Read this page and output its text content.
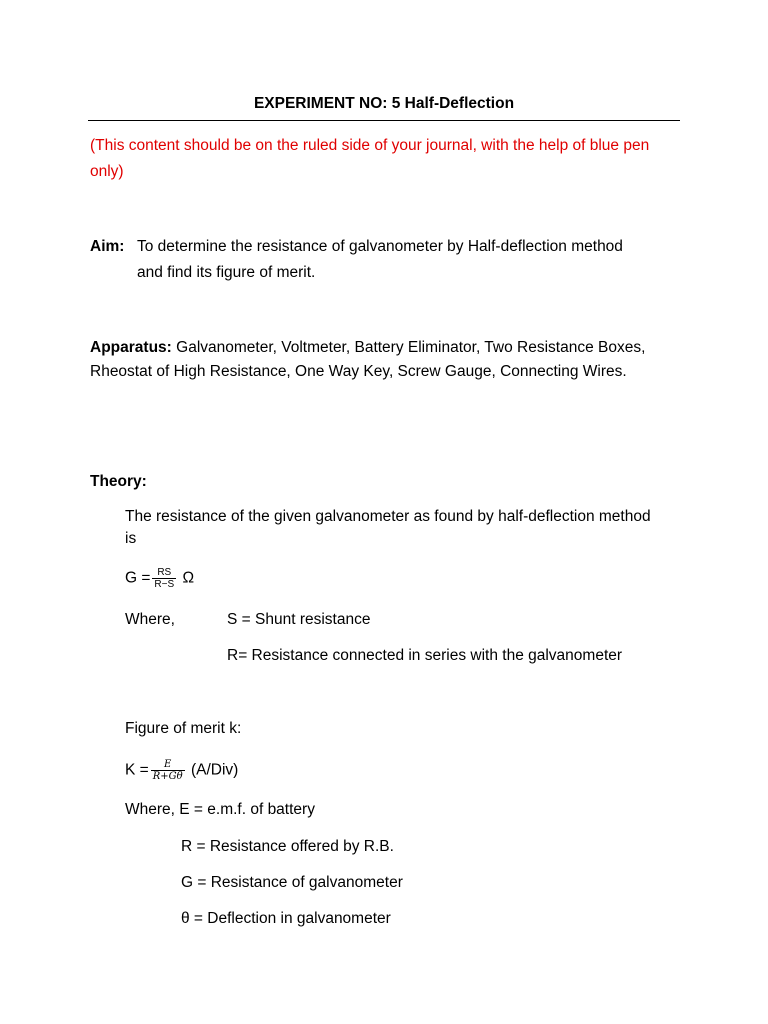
EXPERIMENT NO: 5 Half-Deflection
(This content should be on the ruled side of your journal, with the help of blue pen only)
Aim: To determine the resistance of galvanometer by Half-deflection method
and find its figure of merit.
Apparatus: Galvanometer, Voltmeter, Battery Eliminator, Two Resistance Boxes,
Rheostat of High Resistance, One Way Key, Screw Gauge, Connecting Wires.
Theory:
The resistance of the given galvanometer as found by half-deflection method
is
$G = \frac{RS}{R-S}$ Ω
Where,	S = Shunt resistance
R= Resistance connected in series with the galvanometer
Figure of merit k:
$K = \frac{E}{R+G\theta} (A/Div)$
Where, E = e.m.f. of battery
R = Resistance offered by R.B.
G = Resistance of galvanometer
θ = Deflection in galvanometer
